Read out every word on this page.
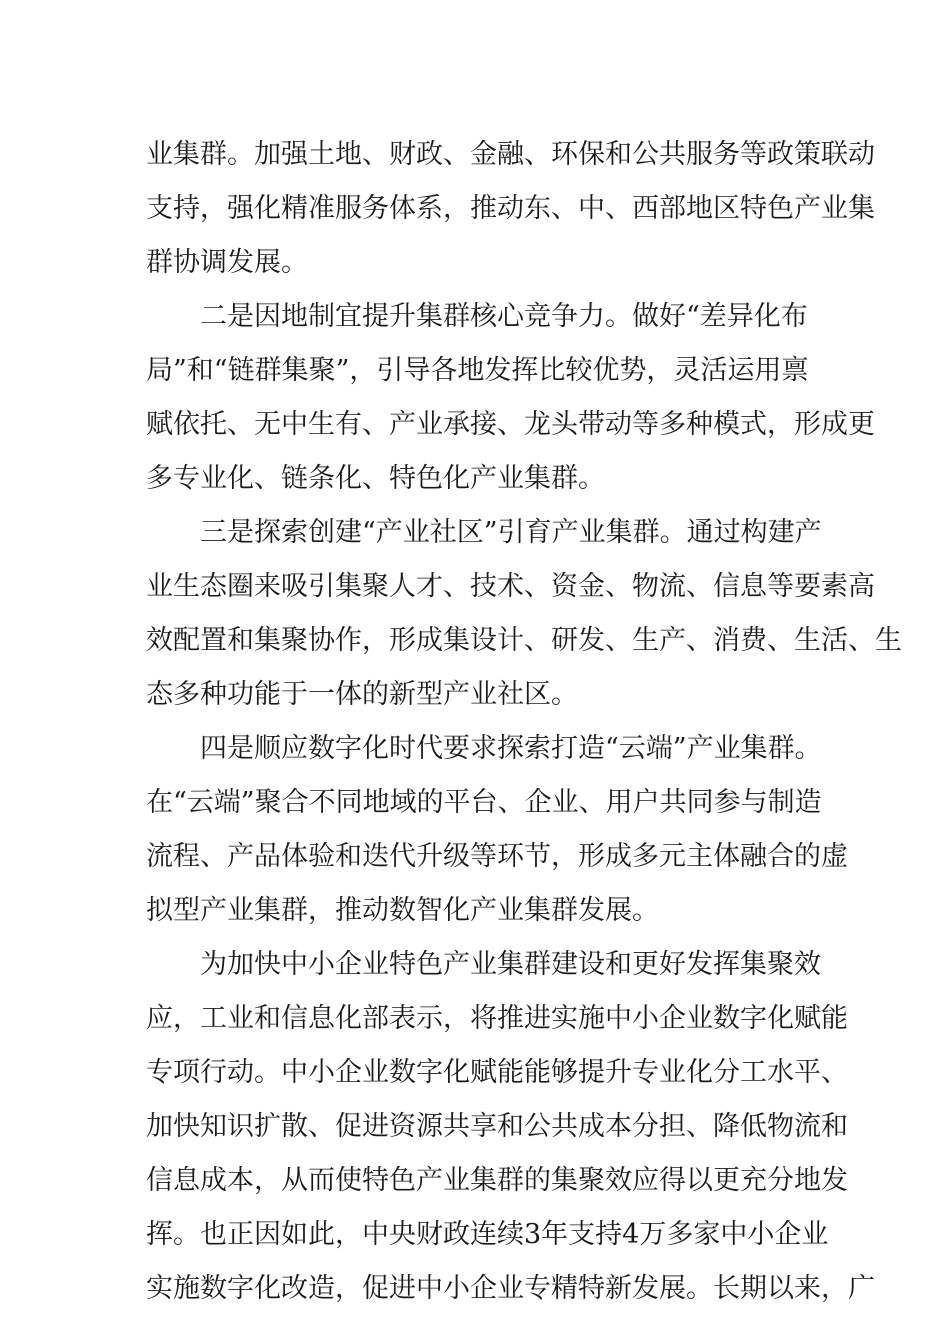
业集群。加强土地、财政、金融、环保和公共服务等政策联动
支持，强化精准服务体系，推动东、中、西部地区特色产业集
群协调发展。
二是因地制宜提升集群核心竞争力。做好“差异化布
局”和“链群集聚”，引导各地发挥比较优势，灵活运用禀
赋依托、无中生有、产业承接、龙头带动等多种模式，形成更
多专业化、链条化、特色化产业集群。
三是探索创建“产业社区”引育产业集群。通过构建产
业生态圈来吸引集聚人才、技术、资金、物流、信息等要素高
效配置和集聚协作，形成集设计、研发、生产、消费、生活、生
态多种功能于一体的新型产业社区。
四是顺应数字化时代要求探索打造“云端”产业集群。
在“云端”聚合不同地域的平台、企业、用户共同参与制造
流程、产品体验和迭代升级等环节，形成多元主体融合的虚
拟型产业集群，推动数智化产业集群发展。
为加快中小企业特色产业集群建设和更好发挥集聚效
应，工业和信息化部表示，将推进实施中小企业数字化赋能
专项行动。中小企业数字化赋能能够提升专业化分工水平、
加快知识扩散、促进资源共享和公共成本分担、降低物流和
信息成本，从而使特色产业集群的集聚效应得以更充分地发
挥。也正因如此，中央财政连续3年支持4万多家中小企业
实施数字化改造，促进中小企业专精特新发展。长期以来，广
